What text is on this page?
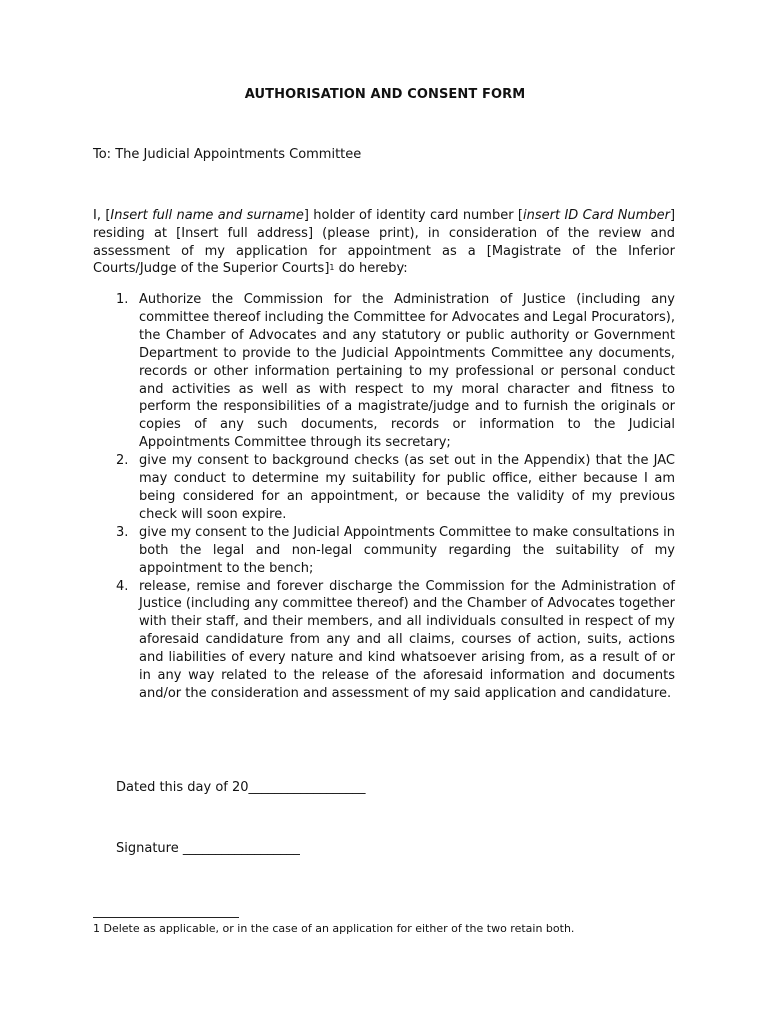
AUTHORISATION AND CONSENT FORM
To: The Judicial Appointments Committee
I, [Insert full name and surname] holder of identity card number [insert ID Card Number] residing at [Insert full address] (please print), in consideration of the review and assessment of my application for appointment as a [Magistrate of the Inferior Courts/Judge of the Superior Courts]$^1$ do hereby:
1. Authorize the Commission for the Administration of Justice (including any committee thereof including the Committee for Advocates and Legal Procurators), the Chamber of Advocates and any statutory or public authority or Government Department to provide to the Judicial Appointments Committee any documents, records or other information pertaining to my professional or personal conduct and activities as well as with respect to my moral character and fitness to perform the responsibilities of a magistrate/judge and to furnish the originals or copies of any such documents, records or information to the Judicial Appointments Committee through its secretary;
2. give my consent to background checks (as set out in the Appendix) that the JAC may conduct to determine my suitability for public office, either because I am being considered for an appointment, or because the validity of my previous check will soon expire.
3. give my consent to the Judicial Appointments Committee to make consultations in both the legal and non-legal community regarding the suitability of my appointment to the bench;
4. release, remise and forever discharge the Commission for the Administration of Justice (including any committee thereof) and the Chamber of Advocates together with their staff, and their members, and all individuals consulted in respect of my aforesaid candidature from any and all claims, courses of action, suits, actions and liabilities of every nature and kind whatsoever arising from, as a result of or in any way related to the release of the aforesaid information and documents and/or the consideration and assessment of my said application and candidature.
Dated this day of 20__________________
Signature __________________
1 Delete as applicable, or in the case of an application for either of the two retain both.
